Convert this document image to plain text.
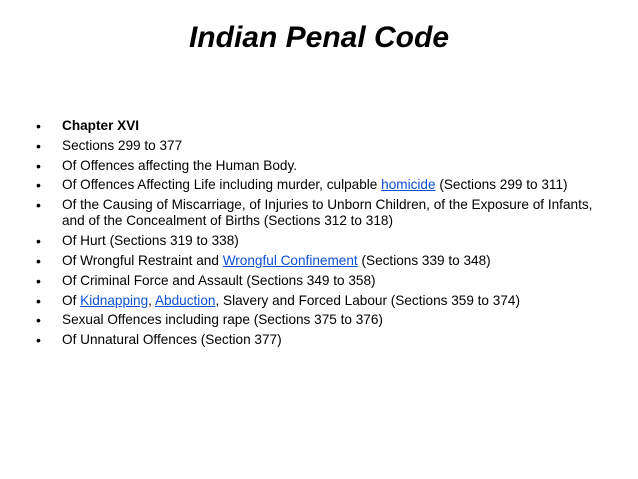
Indian Penal Code
• Chapter XVI
• Sections 299 to 377
• Of Offences affecting the Human Body.
• Of Offences Affecting Life including murder, culpable homicide (Sections 299 to 311)
• Of the Causing of Miscarriage, of Injuries to Unborn Children, of the Exposure of Infants, and of the Concealment of Births (Sections 312 to 318)
• Of Hurt (Sections 319 to 338)
• Of Wrongful Restraint and Wrongful Confinement (Sections 339 to 348)
• Of Criminal Force and Assault (Sections 349 to 358)
• Of Kidnapping, Abduction, Slavery and Forced Labour (Sections 359 to 374)
• Sexual Offences including rape (Sections 375 to 376)
• Of Unnatural Offences (Section 377)
